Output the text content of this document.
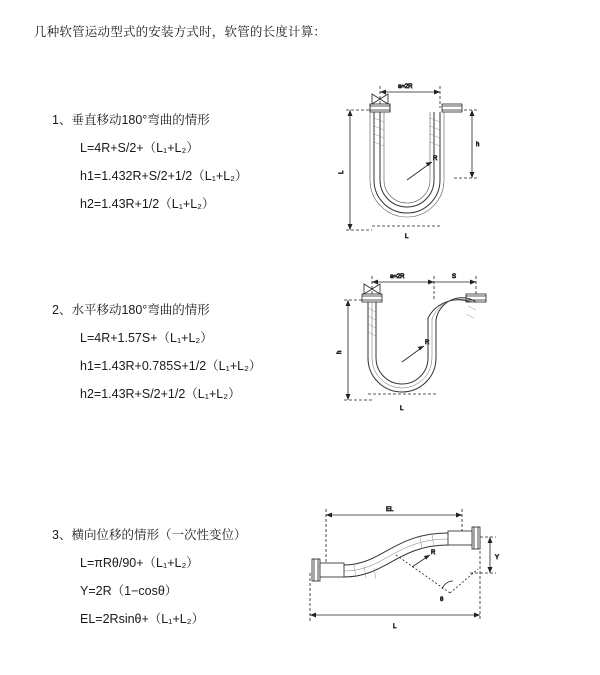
几种软管运动型式的安装方式时，软管的长度计算：
1、垂直移动180°弯曲的情形
L=4R+S/2+（L₁+L₂）
h1=1.432R+S/2+1/2（L₁+L₂）
h2=1.43R+1/2（L₁+L₂）
a=2R
L
h
R
L
2、水平移动180°弯曲的情形
L=4R+1.57S+（L₁+L₂）
h1=1.43R+0.785S+1/2（L₁+L₂）
h2=1.43R+S/2+1/2（L₁+L₂）
a=2R	S
h
R
L
3、横向位移的情形（一次性变位）
L=πRθ/90+（L₁+L₂）
Y=2R（1−cosθ）
EL=2Rsinθ+（L₁+L₂）
EL
L
Y
θ
R
